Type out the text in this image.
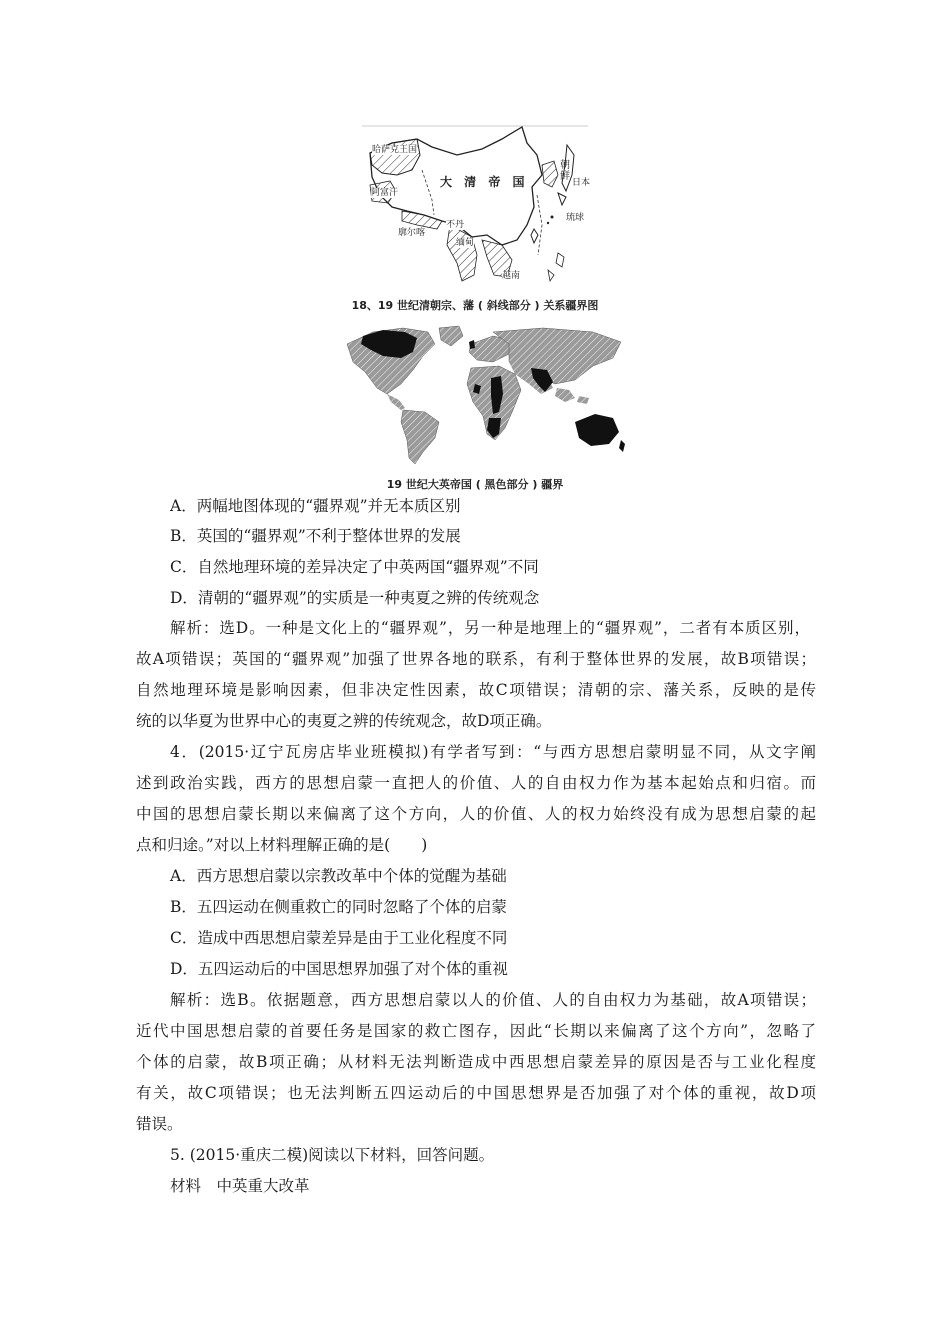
哈萨克王国
阿富汗
大 清 帝 国
朝
鲜
日本
琉球
不丹
廓尔喀
缅甸
越南
18、19 世纪清朝宗、藩 ( 斜线部分 ) 关系疆界图
19 世纪大英帝国 ( 黑色部分 ) 疆界
A．两幅地图体现的“疆界观”并无本质区别
B．英国的“疆界观”不利于整体世界的发展
C．自然地理环境的差异决定了中英两国“疆界观”不同
D．清朝的“疆界观”的实质是一种夷夏之辨的传统观念
解析：选D。一种是文化上的“疆界观”，另一种是地理上的“疆界观”，二者有本质区别，
故A项错误；英国的“疆界观”加强了世界各地的联系，有利于整体世界的发展，故B项错误；
自然地理环境是影响因素，但非决定性因素，故C项错误；清朝的宗、藩关系，反映的是传
统的以华夏为世界中心的夷夏之辨的传统观念，故D项正确。
4．(2015·辽宁瓦房店毕业班模拟)有学者写到：“与西方思想启蒙明显不同，从文字阐
述到政治实践，西方的思想启蒙一直把人的价值、人的自由权力作为基本起始点和归宿。而
中国的思想启蒙长期以来偏离了这个方向，人的价值、人的权力始终没有成为思想启蒙的起
点和归途。”对以上材料理解正确的是(　　)
A．西方思想启蒙以宗教改革中个体的觉醒为基础
B．五四运动在侧重救亡的同时忽略了个体的启蒙
C．造成中西思想启蒙差异是由于工业化程度不同
D．五四运动后的中国思想界加强了对个体的重视
解析：选B。依据题意，西方思想启蒙以人的价值、人的自由权力为基础，故A项错误；
近代中国思想启蒙的首要任务是国家的救亡图存，因此“长期以来偏离了这个方向”，忽略了
个体的启蒙，故B项正确；从材料无法判断造成中西思想启蒙差异的原因是否与工业化程度
有关，故C项错误；也无法判断五四运动后的中国思想界是否加强了对个体的重视，故D项
错误。
5. (2015·重庆二模)阅读以下材料，回答问题。
材料　中英重大改革
